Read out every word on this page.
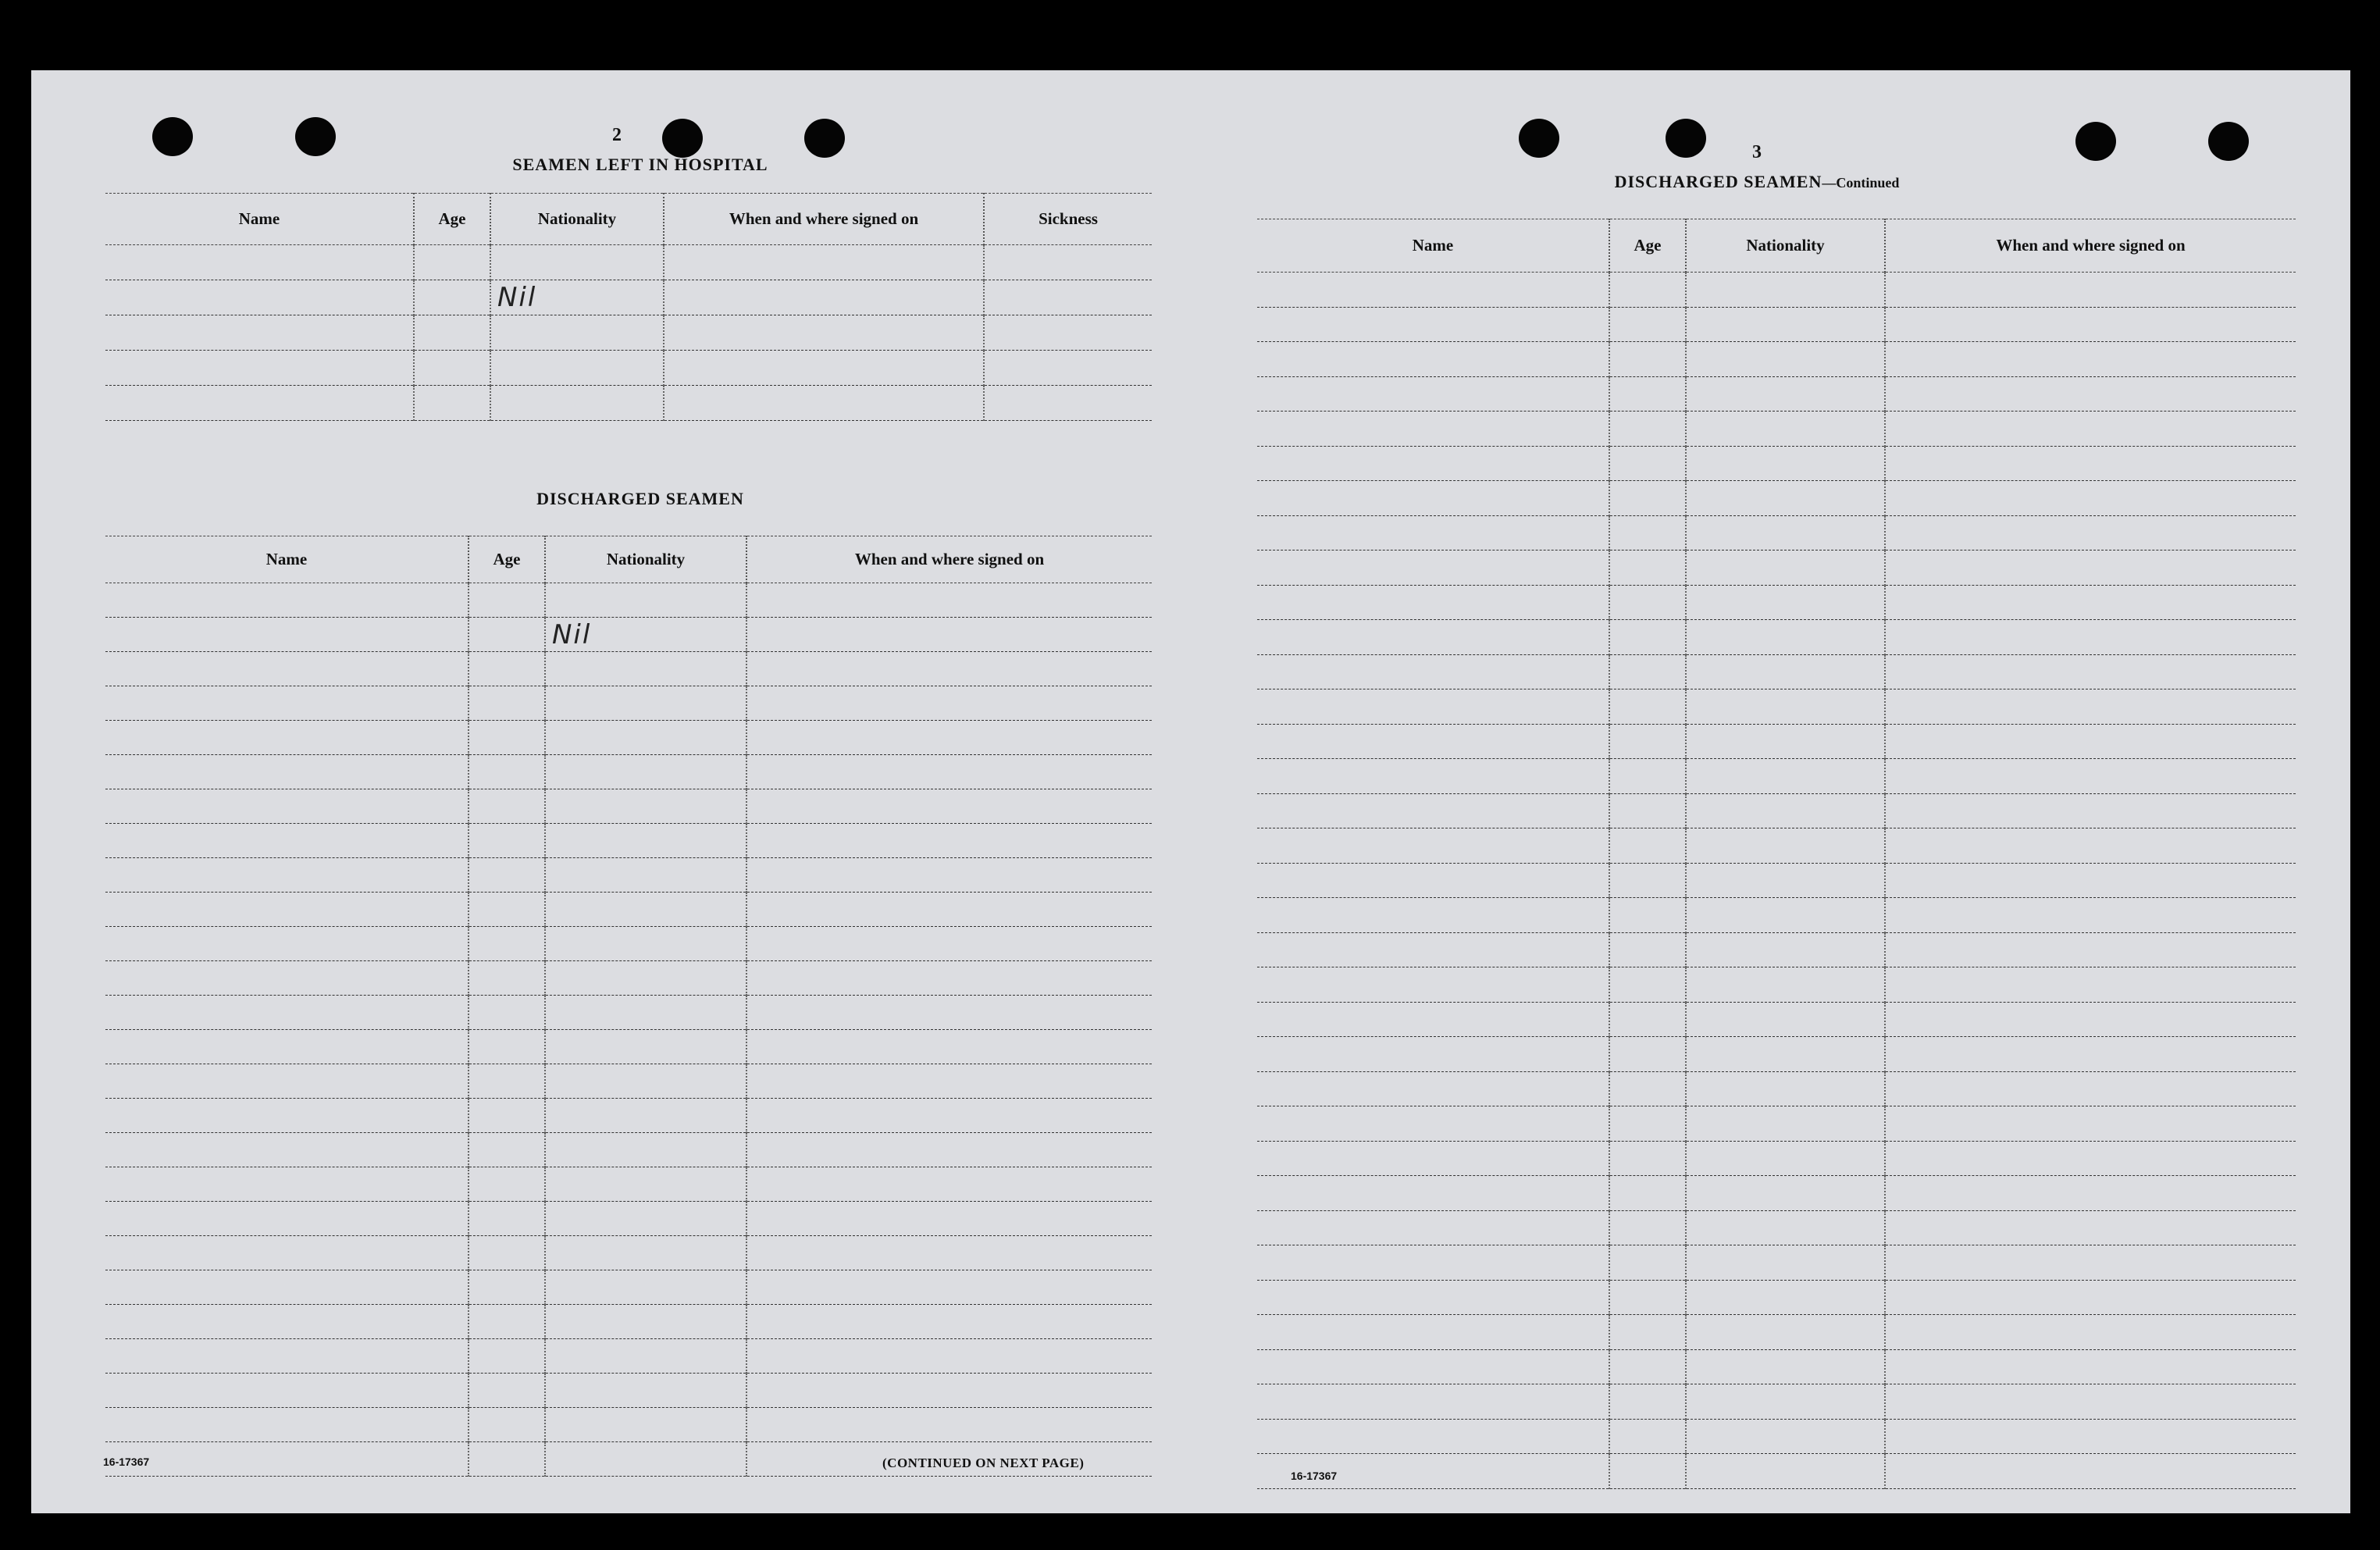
2
SEAMEN LEFT IN HOSPITAL
Name	Age	Nationality	When and where signed on	Sickness

		Nil		

DISCHARGED SEAMEN
Name	Age	Nationality	When and where signed on

		Nil	

16-17367	(CONTINUED ON NEXT PAGE)
3
DISCHARGED SEAMEN—Continued
Name	Age	Nationality	When and where signed on

16-17367
